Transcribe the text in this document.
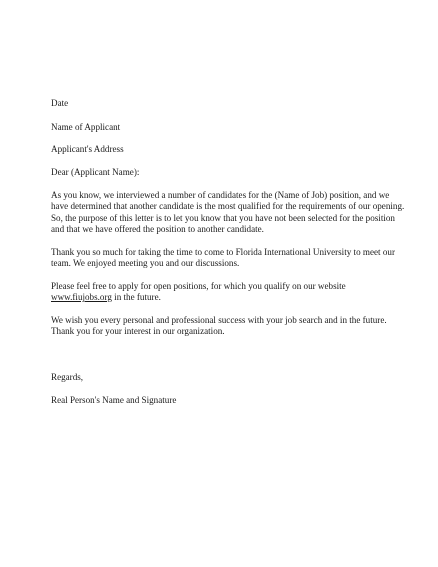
Date
Name of Applicant
Applicant's Address
Dear (Applicant Name):
As you know, we interviewed a number of candidates for the (Name of Job) position, and we
have determined that another candidate is the most qualified for the requirements of our opening.
So, the purpose of this letter is to let you know that you have not been selected for the position
and that we have offered the position to another candidate.
Thank you so much for taking the time to come to Florida International University to meet our
team. We enjoyed meeting you and our discussions.
Please feel free to apply for open positions, for which you qualify on our website
www.fiujobs.org in the future.
We wish you every personal and professional success with your job search and in the future.
Thank you for your interest in our organization.
Regards,
Real Person's Name and Signature
